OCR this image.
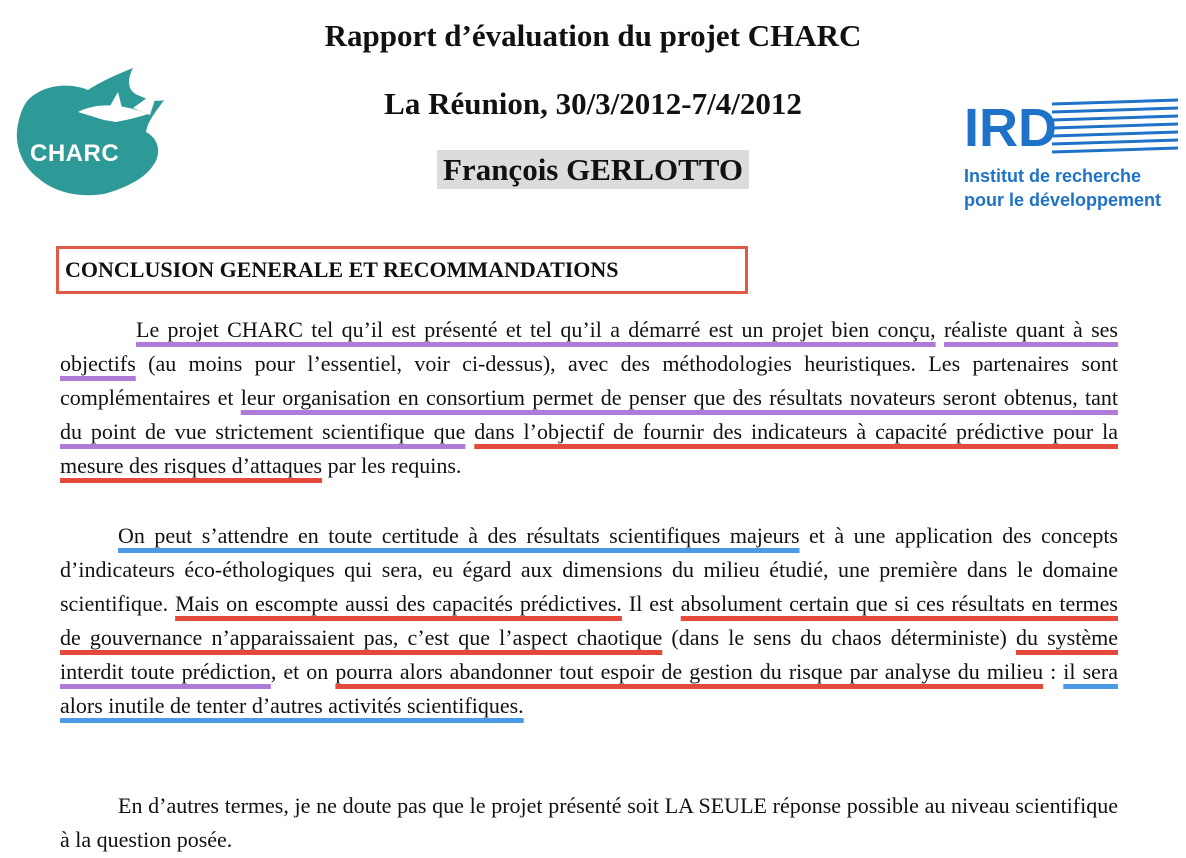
Rapport d’évaluation du projet CHARC
La Réunion, 30/3/2012-7/4/2012
François GERLOTTO
CHARC	IRD
Institut de recherche
pour le développement
CONCLUSION GENERALE ET RECOMMANDATIONS

Le projet CHARC tel qu’il est présenté et tel qu’il a démarré est un projet bien conçu, réaliste quant à ses objectifs (au moins pour l’essentiel, voir ci-dessus), avec des méthodologies heuristiques. Les partenaires sont complémentaires et leur organisation en consortium permet de penser que des résultats novateurs seront obtenus, tant du point de vue strictement scientifique que dans l’objectif de fournir des indicateurs à capacité prédictive pour la mesure des risques d’attaques par les requins.

On peut s’attendre en toute certitude à des résultats scientifiques majeurs et à une application des concepts d’indicateurs éco-éthologiques qui sera, eu égard aux dimensions du milieu étudié, une première dans le domaine scientifique. Mais on escompte aussi des capacités prédictives. Il est absolument certain que si ces résultats en termes de gouvernance n’apparaissaient pas, c’est que l’aspect chaotique (dans le sens du chaos déterministe) du système interdit toute prédiction, et on pourra alors abandonner tout espoir de gestion du risque par analyse du milieu : il sera alors inutile de tenter d’autres activités scientifiques.

En d’autres termes, je ne doute pas que le projet présenté soit LA SEULE réponse possible au niveau scientifique à la question posée.
